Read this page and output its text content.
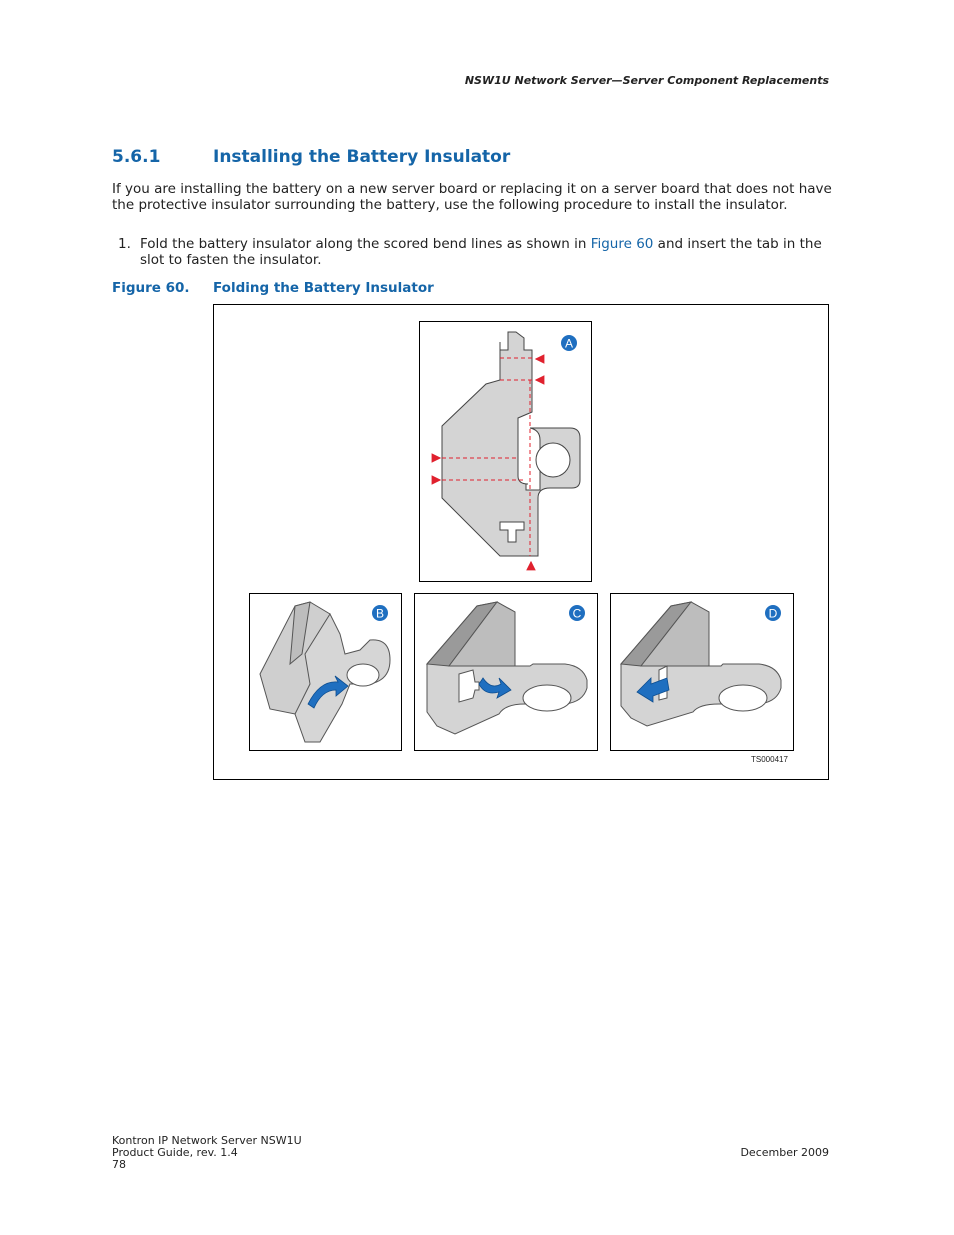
NSW1U Network Server—Server Component Replacements
5.6.1	Installing the Battery Insulator
If you are installing the battery on a new server board or replacing it on a server board that does not have the protective insulator surrounding the battery, use the following procedure to install the insulator.
1. Fold the battery insulator along the scored bend lines as shown in Figure 60 and insert the tab in the slot to fasten the insulator.
Figure 60. Folding the Battery Insulator
A
B	C	D
TS000417
Kontron IP Network Server NSW1U
Product Guide, rev. 1.4
78
December 2009
